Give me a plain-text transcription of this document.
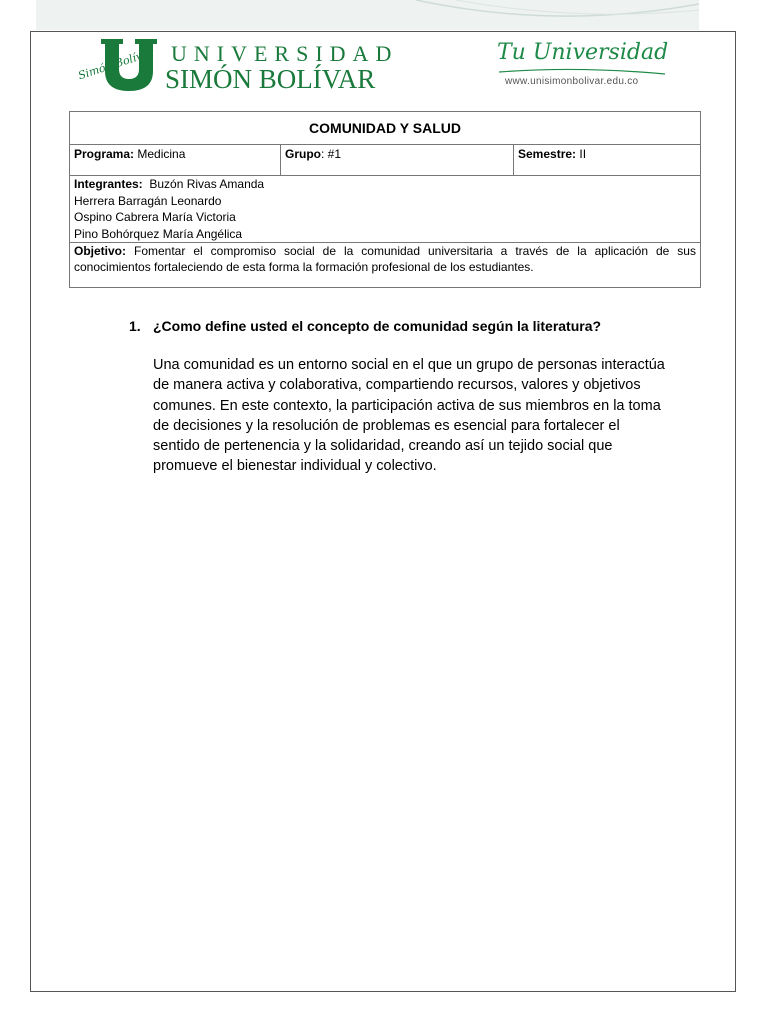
Simón Bolívar UNIVERSIDAD
SIMÓN BOLÍVAR
Tu Universidad
www.unisimonbolivar.edu.co
COMUNIDAD Y SALUD
Programa: Medicina	Grupo: #1	Semestre: II
Integrantes: Buzón Rivas Amanda
Herrera Barragán Leonardo
Ospino Cabrera María Victoria
Pino Bohórquez María Angélica
Objetivo: Fomentar el compromiso social de la comunidad universitaria a través de la aplicación de sus conocimientos fortaleciendo de esta forma la formación profesional de los estudiantes.
1. ¿Como define usted el concepto de comunidad según la literatura?
Una comunidad es un entorno social en el que un grupo de personas interactúa de manera activa y colaborativa, compartiendo recursos, valores y objetivos comunes. En este contexto, la participación activa de sus miembros en la toma de decisiones y la resolución de problemas es esencial para fortalecer el sentido de pertenencia y la solidaridad, creando así un tejido social que promueve el bienestar individual y colectivo.
